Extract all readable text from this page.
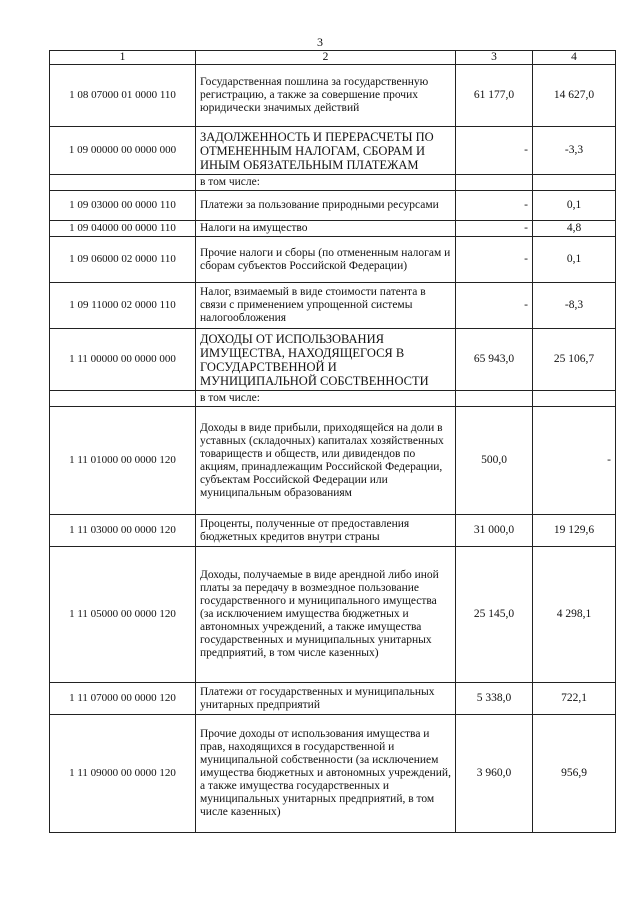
3
1	2	3	4
1 08 07000 01 0000 110	Государственная пошлина за государственную регистрацию, а также за совершение прочих юридически значимых действий	61 177,0	14 627,0
1 09 00000 00 0000 000	ЗАДОЛЖЕННОСТЬ И ПЕРЕРАСЧЕТЫ ПО ОТМЕНЕННЫМ НАЛОГАМ, СБОРАМ И ИНЫМ ОБЯЗАТЕЛЬНЫМ ПЛАТЕЖАМ	-	-3,3
	в том числе:		
1 09 03000 00 0000 110	Платежи за пользование природными ресурсами	-	0,1
1 09 04000 00 0000 110	Налоги на имущество	-	4,8
1 09 06000 02 0000 110	Прочие налоги и сборы (по отмененным налогам и сборам субъектов Российской Федерации)	-	0,1
1 09 11000 02 0000 110	Налог, взимаемый в виде стоимости патента в связи с применением упрощенной системы налогообложения	-	-8,3
1 11 00000 00 0000 000	ДОХОДЫ ОТ ИСПОЛЬЗОВАНИЯ ИМУЩЕСТВА, НАХОДЯЩЕГОСЯ В ГОСУДАРСТВЕННОЙ И МУНИЦИПАЛЬНОЙ СОБСТВЕННОСТИ	65 943,0	25 106,7
	в том числе:		
1 11 01000 00 0000 120	Доходы в виде прибыли, приходящейся на доли в уставных (складочных) капиталах хозяйственных товариществ и обществ, или дивидендов по акциям, принадлежащим Российской Федерации, субъектам Российской Федерации или муниципальным образованиям	500,0	-
1 11 03000 00 0000 120	Проценты, полученные от предоставления бюджетных кредитов внутри страны	31 000,0	19 129,6
1 11 05000 00 0000 120	Доходы, получаемые в виде арендной либо иной платы за передачу в возмездное пользование государственного и муниципального имущества (за исключением имущества бюджетных и автономных учреждений, а также имущества государственных и муниципальных унитарных предприятий, в том числе казенных)	25 145,0	4 298,1
1 11 07000 00 0000 120	Платежи от государственных и муниципальных унитарных предприятий	5 338,0	722,1
1 11 09000 00 0000 120	Прочие доходы от использования имущества и прав, находящихся в государственной и муниципальной собственности (за исключением имущества бюджетных и автономных учреждений, а также имущества государственных и муниципальных унитарных предприятий, в том числе казенных)	3 960,0	956,9
